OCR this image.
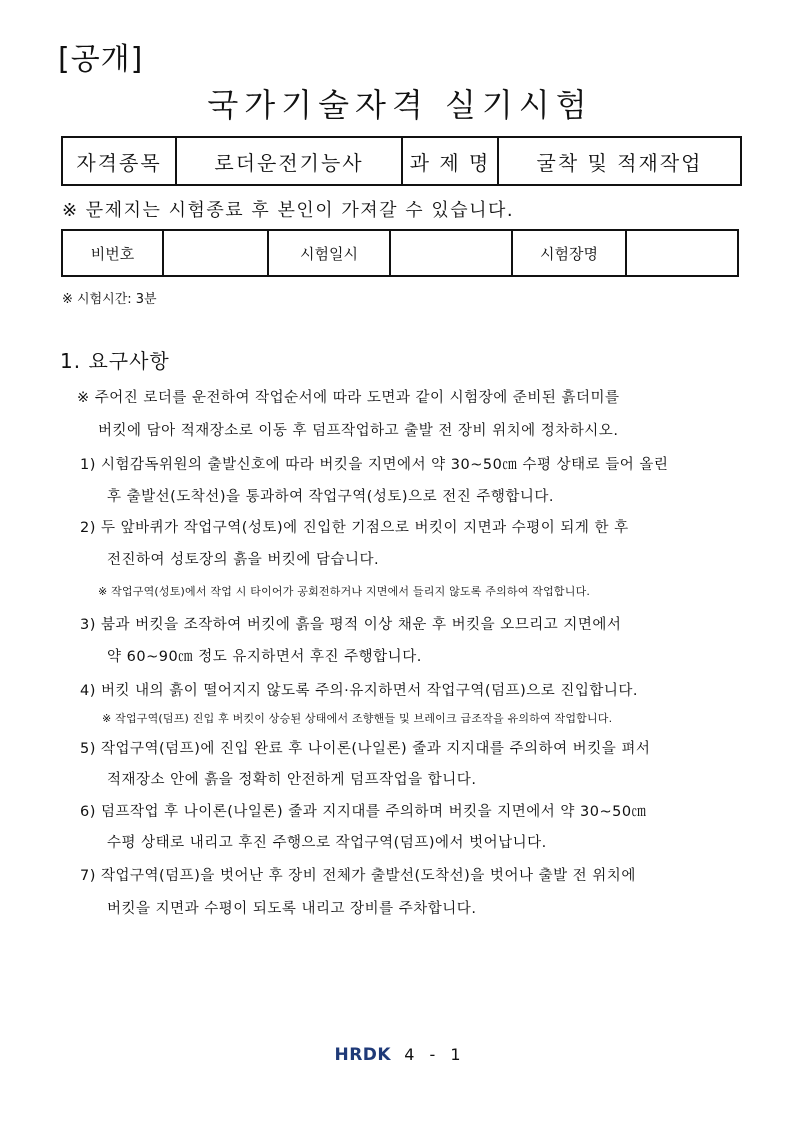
[공개]
국가기술자격 실기시험
자격종목	로더운전기능사	과 제 명	굴착 및 적재작업
※ 문제지는 시험종료 후 본인이 가져갈 수 있습니다.
비번호		시험일시		시험장명	
※ 시험시간: 3분
1. 요구사항
※ 주어진 로더를 운전하여 작업순서에 따라 도면과 같이 시험장에 준비된 흙더미를
버킷에 담아 적재장소로 이동 후 덤프작업하고 출발 전 장비 위치에 정차하시오.
1) 시험감독위원의 출발신호에 따라 버킷을 지면에서 약 30~50㎝ 수평 상태로 들어 올린
후 출발선(도착선)을 통과하여 작업구역(성토)으로 전진 주행합니다.
2) 두 앞바퀴가 작업구역(성토)에 진입한 기점으로 버킷이 지면과 수평이 되게 한 후
전진하여 성토장의 흙을 버킷에 담습니다.
※ 작업구역(성토)에서 작업 시 타이어가 공회전하거나 지면에서 들리지 않도록 주의하여 작업합니다.
3) 붐과 버킷을 조작하여 버킷에 흙을 평적 이상 채운 후 버킷을 오므리고 지면에서
약 60~90㎝ 정도 유지하면서 후진 주행합니다.
4) 버킷 내의 흙이 떨어지지 않도록 주의·유지하면서 작업구역(덤프)으로 진입합니다.
※ 작업구역(덤프) 진입 후 버킷이 상승된 상태에서 조향핸들 및 브레이크 급조작을 유의하여 작업합니다.
5) 작업구역(덤프)에 진입 완료 후 나이론(나일론) 줄과 지지대를 주의하여 버킷을 펴서
적재장소 안에 흙을 정확히 안전하게 덤프작업을 합니다.
6) 덤프작업 후 나이론(나일론) 줄과 지지대를 주의하며 버킷을 지면에서 약 30~50㎝
수평 상태로 내리고 후진 주행으로 작업구역(덤프)에서 벗어납니다.
7) 작업구역(덤프)을 벗어난 후 장비 전체가 출발선(도착선)을 벗어나 출발 전 위치에
버킷을 지면과 수평이 되도록 내리고 장비를 주차합니다.
HRDK 4 - 1
